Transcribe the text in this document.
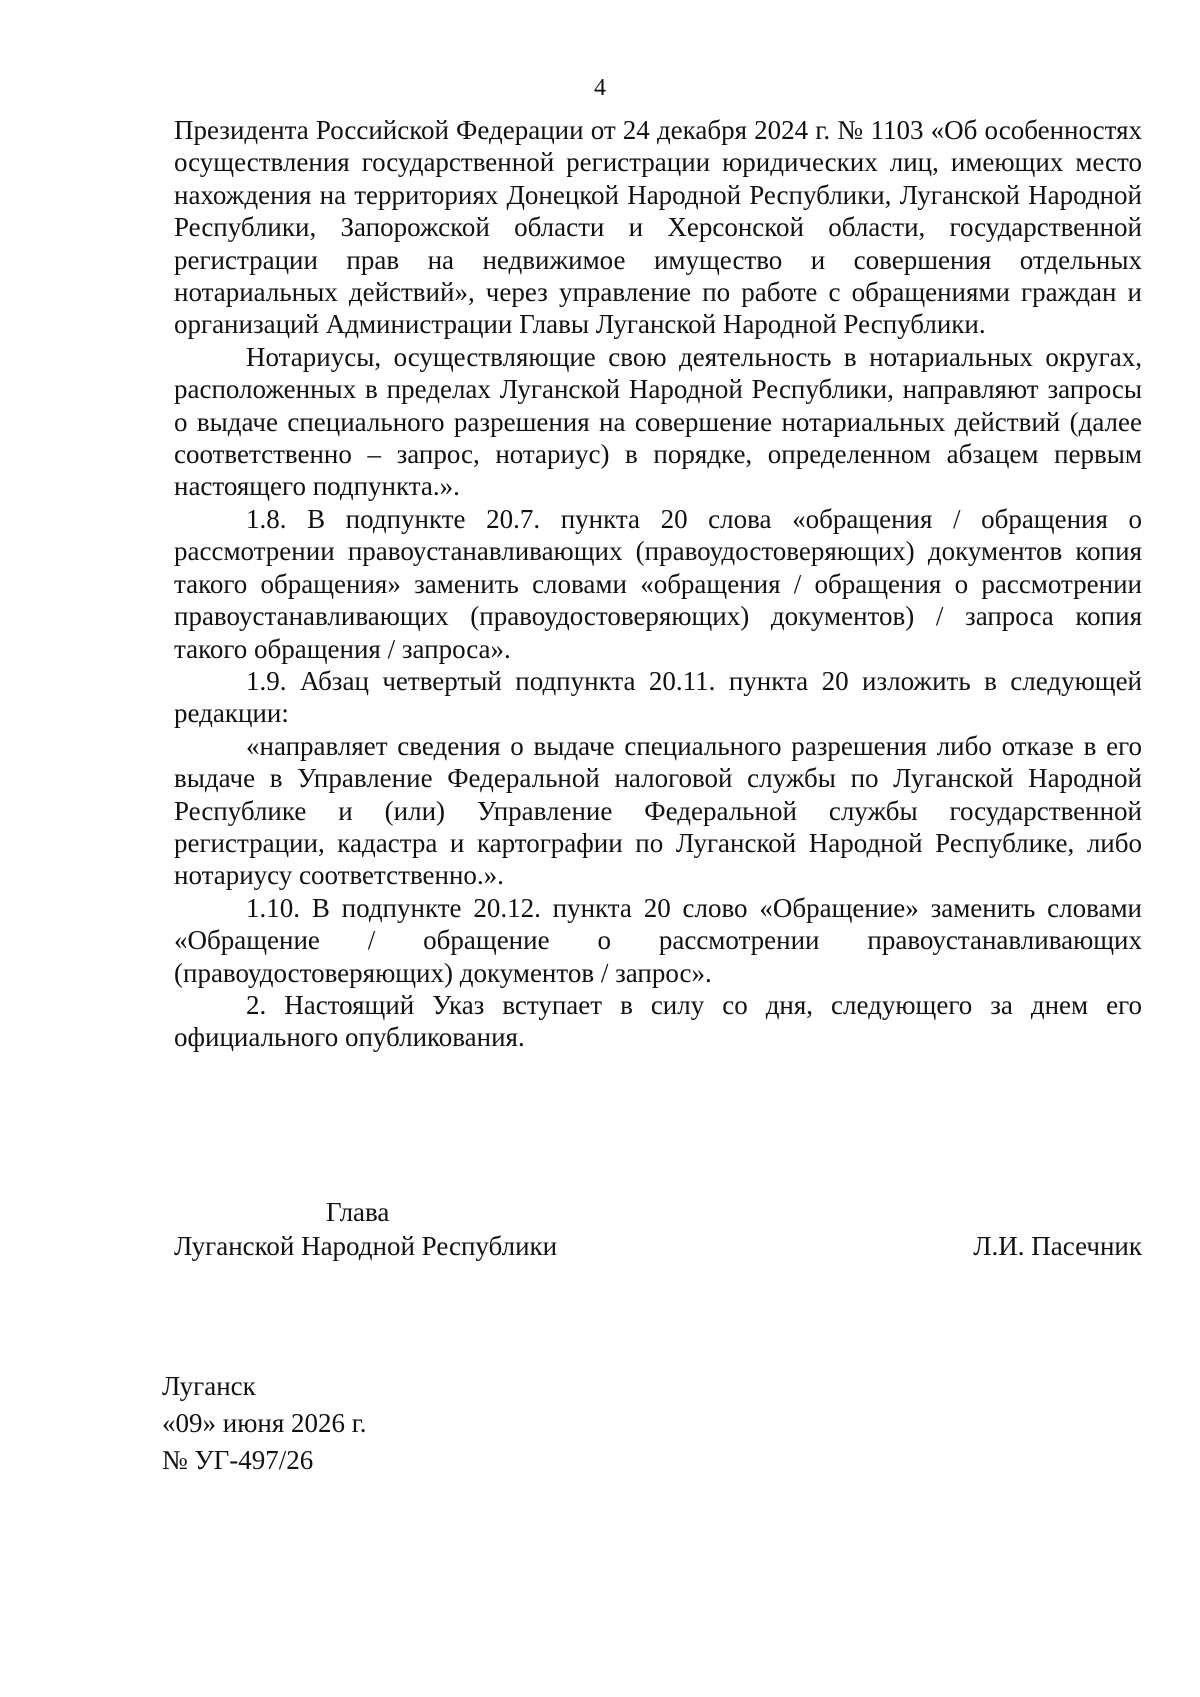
4

Президента Российской Федерации от 24 декабря 2024 г. № 1103 «Об особенностях осуществления государственной регистрации юридических лиц, имеющих место нахождения на территориях Донецкой Народной Республики, Луганской Народной Республики, Запорожской области и Херсонской области, государственной регистрации прав на недвижимое имущество и совершения отдельных нотариальных действий», через управление по работе с обращениями граждан и организаций Администрации Главы Луганской Народной Республики.

Нотариусы, осуществляющие свою деятельность в нотариальных округах, расположенных в пределах Луганской Народной Республики, направляют запросы о выдаче специального разрешения на совершение нотариальных действий (далее соответственно – запрос, нотариус) в порядке, определенном абзацем первым настоящего подпункта.».

1.8. В подпункте 20.7. пункта 20 слова «обращения / обращения о рассмотрении правоустанавливающих (правоудостоверяющих) документов копия такого обращения» заменить словами «обращения / обращения о рассмотрении правоустанавливающих (правоудостоверяющих) документов) / запроса копия такого обращения / запроса».

1.9. Абзац четвертый подпункта 20.11. пункта 20 изложить в следующей редакции:

«направляет сведения о выдаче специального разрешения либо отказе в его выдаче в Управление Федеральной налоговой службы по Луганской Народной Республике и (или) Управление Федеральной службы государственной регистрации, кадастра и картографии по Луганской Народной Республике, либо нотариусу соответственно.».

1.10. В подпункте 20.12. пункта 20 слово «Обращение» заменить словами «Обращение / обращение о рассмотрении правоустанавливающих (правоудостоверяющих) документов / запрос».

2. Настоящий Указ вступает в силу со дня, следующего за днем его официального опубликования.

Глава
Луганской Народной Республики	Л.И. Пасечник
Луганск
«09» июня 2026 г.
№ УГ-497/26
